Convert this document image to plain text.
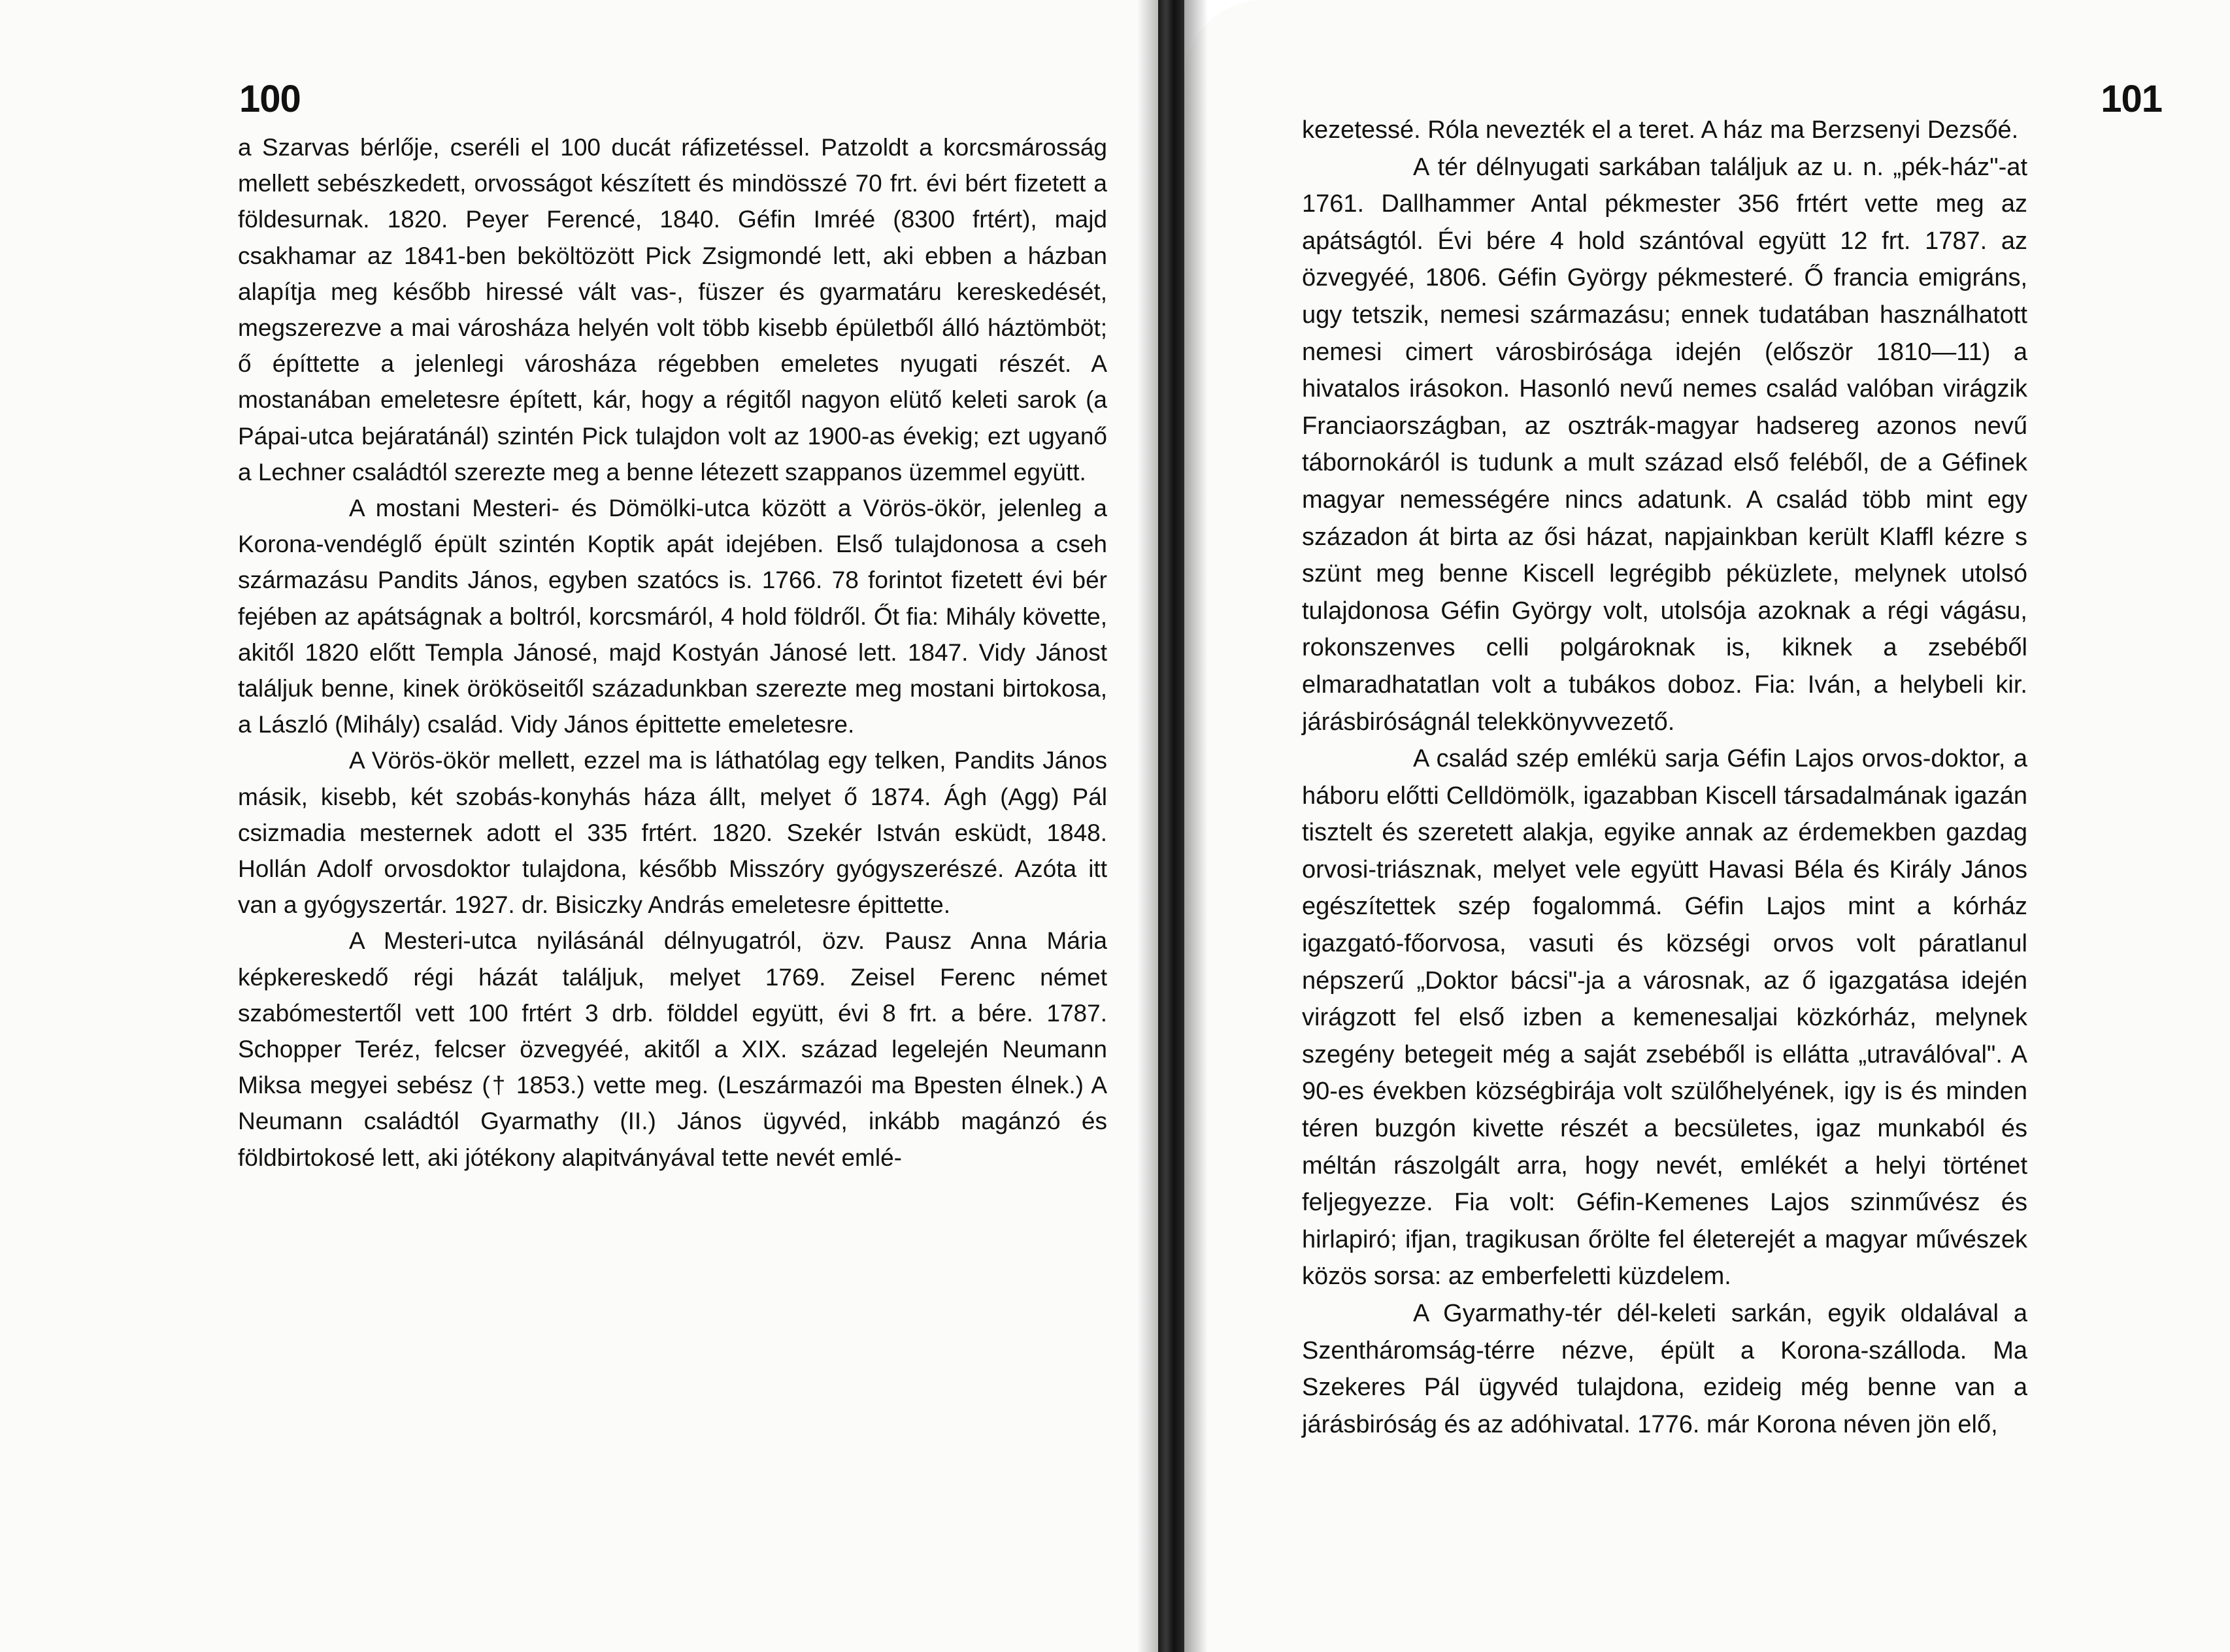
100

a Szarvas bérlője, cseréli el 100 ducát ráfizetéssel. Patzoldt a korcsmárosság mellett sebészkedett, orvosságot készített és mindösszé 70 frt. évi bért fizetett a földesurnak. 1820. Peyer Ferencé, 1840. Géfin Imréé (8300 frtért), majd csakhamar az 1841-ben beköltözött Pick Zsigmondé lett, aki ebben a házban alapítja meg később hiressé vált vas-, füszer és gyarmatáru kereskedését, megszerezve a mai városháza helyén volt több kisebb épületből álló háztömböt; ő építtette a jelenlegi városháza régebben emeletes nyugati részét. A mostanában emeletesre épített, kár, hogy a régitől nagyon elütő keleti sarok (a Pápai-utca bejáratánál) szintén Pick tulajdon volt az 1900-as évekig; ezt ugyanő a Lechner családtól szerezte meg a benne létezett szappanos üzemmel együtt.

A mostani Mesteri- és Dömölki-utca között a Vörös-ökör, jelenleg a Korona-vendéglő épült szintén Koptik apát idejében. Első tulajdonosa a cseh származásu Pandits János, egyben szatócs is. 1766. 78 forintot fizetett évi bér fejében az apátságnak a boltról, korcsmáról, 4 hold földről. Őt fia: Mihály követte, akitől 1820 előtt Templa Jánosé, majd Kostyán Jánosé lett. 1847. Vidy Jánost találjuk benne, kinek örököseitől századunkban szerezte meg mostani birtokosa, a László (Mihály) család. Vidy János épittette emeletesre.

A Vörös-ökör mellett, ezzel ma is láthatólag egy telken, Pandits János másik, kisebb, két szobás-konyhás háza állt, melyet ő 1874. Ágh (Agg) Pál csizmadia mesternek adott el 335 frtért. 1820. Szekér István esküdt, 1848. Hollán Adolf orvosdoktor tulajdona, később Misszóry gyógyszerészé. Azóta itt van a gyógyszertár. 1927. dr. Bisiczky András emeletesre épittette.

A Mesteri-utca nyilásánál délnyugatról, özv. Pausz Anna Mária képkereskedő régi házát találjuk, melyet 1769. Zeisel Ferenc német szabómestertől vett 100 frtért 3 drb. földdel együtt, évi 8 frt. a bére. 1787. Schopper Teréz, felcser özvegyéé, akitől a XIX. század legelején Neumann Miksa megyei sebész († 1853.) vette meg. (Leszármazói ma Bpesten élnek.) A Neumann családtól Gyarmathy (II.) János ügyvéd, inkább magánzó és földbirtokosé lett, aki jótékony alapitványával tette nevét emlé-

101

kezetessé. Róla nevezték el a teret. A ház ma Berzsenyi Dezsőé.

A tér délnyugati sarkában találjuk az u. n. „pék-ház"-at 1761. Dallhammer Antal pékmester 356 frtért vette meg az apátságtól. Évi bére 4 hold szántóval együtt 12 frt. 1787. az özvegyéé, 1806. Géfin György pékmesteré. Ő francia emigráns, ugy tetszik, nemesi származásu; ennek tudatában használhatott nemesi cimert városbirósága idején (először 1810—11) a hivatalos irásokon. Hasonló nevű nemes család valóban virágzik Franciaországban, az osztrák-magyar hadsereg azonos nevű tábornokáról is tudunk a mult század első feléből, de a Géfinek magyar nemességére nincs adatunk. A család több mint egy századon át birta az ősi házat, napjainkban került Klaffl kézre s szünt meg benne Kiscell legrégibb péküzlete, melynek utolsó tulajdonosa Géfin György volt, utolsója azoknak a régi vágásu, rokonszenves celli polgároknak is, kiknek a zsebéből elmaradhatatlan volt a tubákos doboz. Fia: Iván, a helybeli kir. járásbiróságnál telekkönyvvezető.

A család szép emlékü sarja Géfin Lajos orvos-doktor, a háboru előtti Celldömölk, igazabban Kiscell társadalmának igazán tisztelt és szeretett alakja, egyike annak az érdemekben gazdag orvosi-triásznak, melyet vele együtt Havasi Béla és Király János egészítettek szép fogalommá. Géfin Lajos mint a kórház igazgató-főorvosa, vasuti és községi orvos volt páratlanul népszerű „Doktor bácsi"-ja a városnak, az ő igazgatása idején virágzott fel első izben a kemenesaljai közkórház, melynek szegény betegeit még a saját zsebéből is ellátta „utraválóval". A 90-es években községbirája volt szülőhelyének, igy is és minden téren buzgón kivette részét a becsületes, igaz munkaból és méltán rászolgált arra, hogy nevét, emlékét a helyi történet feljegyezze. Fia volt: Géfin-Kemenes Lajos szinművész és hirlapiró; ifjan, tragikusan őrölte fel életerejét a magyar művészek közös sorsa: az emberfeletti küzdelem.

A Gyarmathy-tér dél-keleti sarkán, egyik oldalával a Szentháromság-térre nézve, épült a Korona-szálloda. Ma Szekeres Pál ügyvéd tulajdona, ezideig még benne van a járásbiróság és az adóhivatal. 1776. már Korona néven jön elő,
